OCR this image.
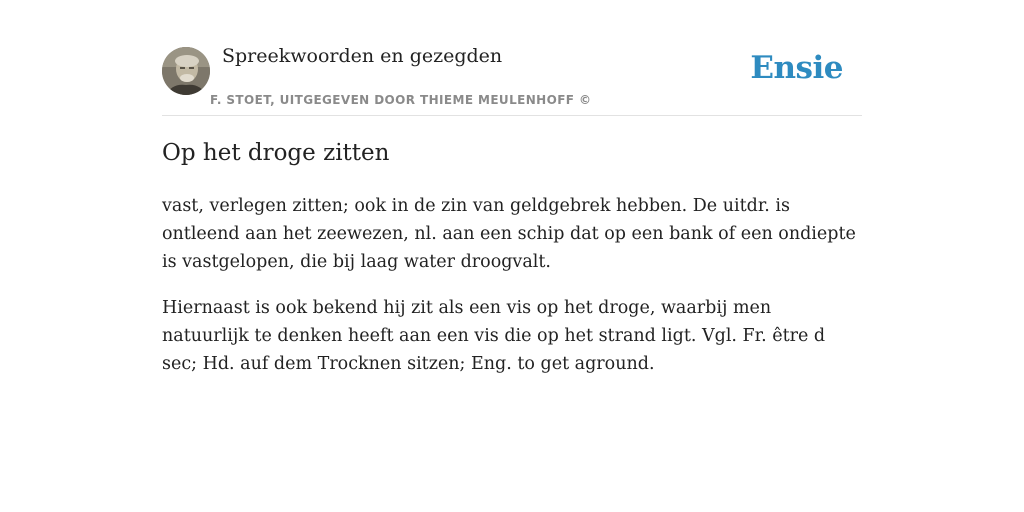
Spreekwoorden en gezegden
F. STOET, UITGEGEVEN DOOR THIEME MEULENHOFF ©
Ensie
Op het droge zitten

vast, verlegen zitten; ook in de zin van geldgebrek hebben. De uitdr. is ontleend aan het zeewezen, nl. aan een schip dat op een bank of een ondiepte is vastgelopen, die bij laag water droogvalt.

Hiernaast is ook bekend hij zit als een vis op het droge, waarbij men natuurlijk te denken heeft aan een vis die op het strand ligt. Vgl. Fr. être d sec; Hd. auf dem Trocknen sitzen; Eng. to get aground.
